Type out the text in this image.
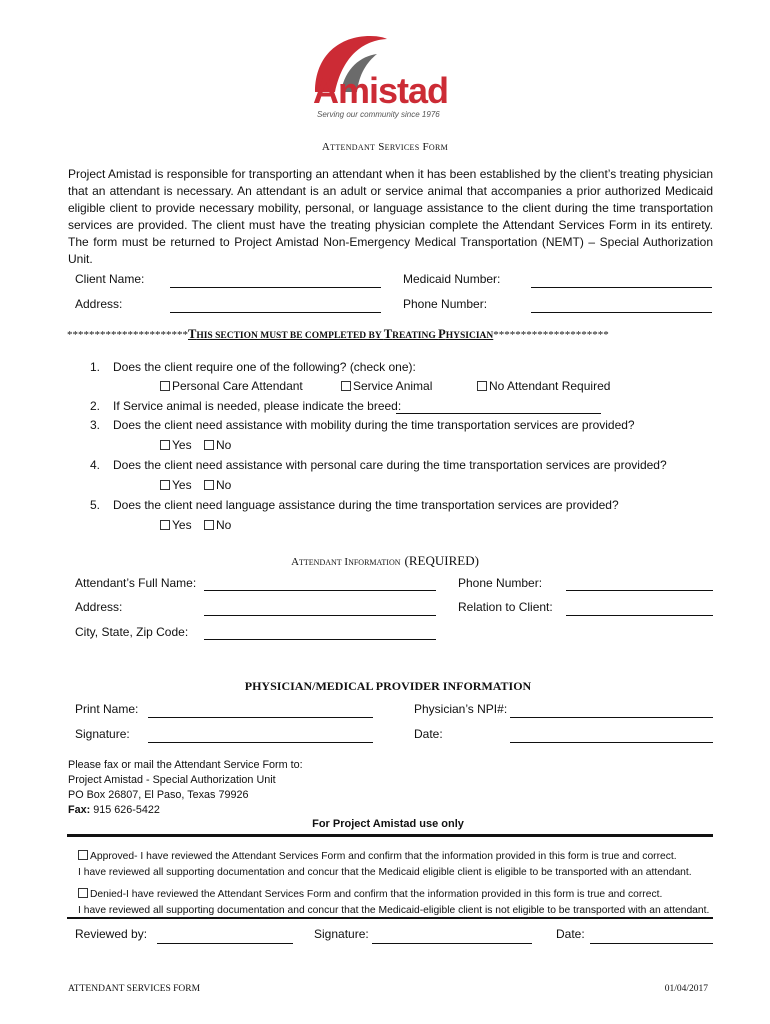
Amistad
Serving our community since 1976
Attendant Services Form
Project Amistad is responsible for transporting an attendant when it has been established by the client’s treating physician that an attendant is necessary. An attendant is an adult or service animal that accompanies a prior authorized Medicaid eligible client to provide necessary mobility, personal, or language assistance to the client during the time transportation services are provided. The client must have the treating physician complete the Attendant Services Form in its entirety. The form must be returned to Project Amistad Non-Emergency Medical Transportation (NEMT) – Special Authorization Unit.
Client Name:	Medicaid Number:
Address:	Phone Number:
**********************THIS SECTION MUST BE COMPLETED BY TREATING PHYSICIAN*********************
1. Does the client require one of the following? (check one):
Personal Care Attendant	Service Animal	No Attendant Required
2. If Service animal is needed, please indicate the breed:
3. Does the client need assistance with mobility during the time transportation services are provided?
Yes	No
4. Does the client need assistance with personal care during the time transportation services are provided?
Yes	No
5. Does the client need language assistance during the time transportation services are provided?
Yes	No
Attendant Information (REQUIRED)
Attendant’s Full Name:	Phone Number:
Address:	Relation to Client:
City, State, Zip Code:
PHYSICIAN/MEDICAL PROVIDER INFORMATION
Print Name:	Physician’s NPI#:
Signature:	Date:
Please fax or mail the Attendant Service Form to:
Project Amistad - Special Authorization Unit
PO Box 26807, El Paso, Texas 79926
Fax: 915 626-5422
For Project Amistad use only
Approved- I have reviewed the Attendant Services Form and confirm that the information provided in this form is true and correct.
I have reviewed all supporting documentation and concur that the Medicaid eligible client is eligible to be transported with an attendant.
Denied-I have reviewed the Attendant Services Form and confirm that the information provided in this form is true and correct.
I have reviewed all supporting documentation and concur that the Medicaid-eligible client is not eligible to be transported with an attendant.
Reviewed by:	Signature:	Date:
ATTENDANT SERVICES FORM	01/04/2017
